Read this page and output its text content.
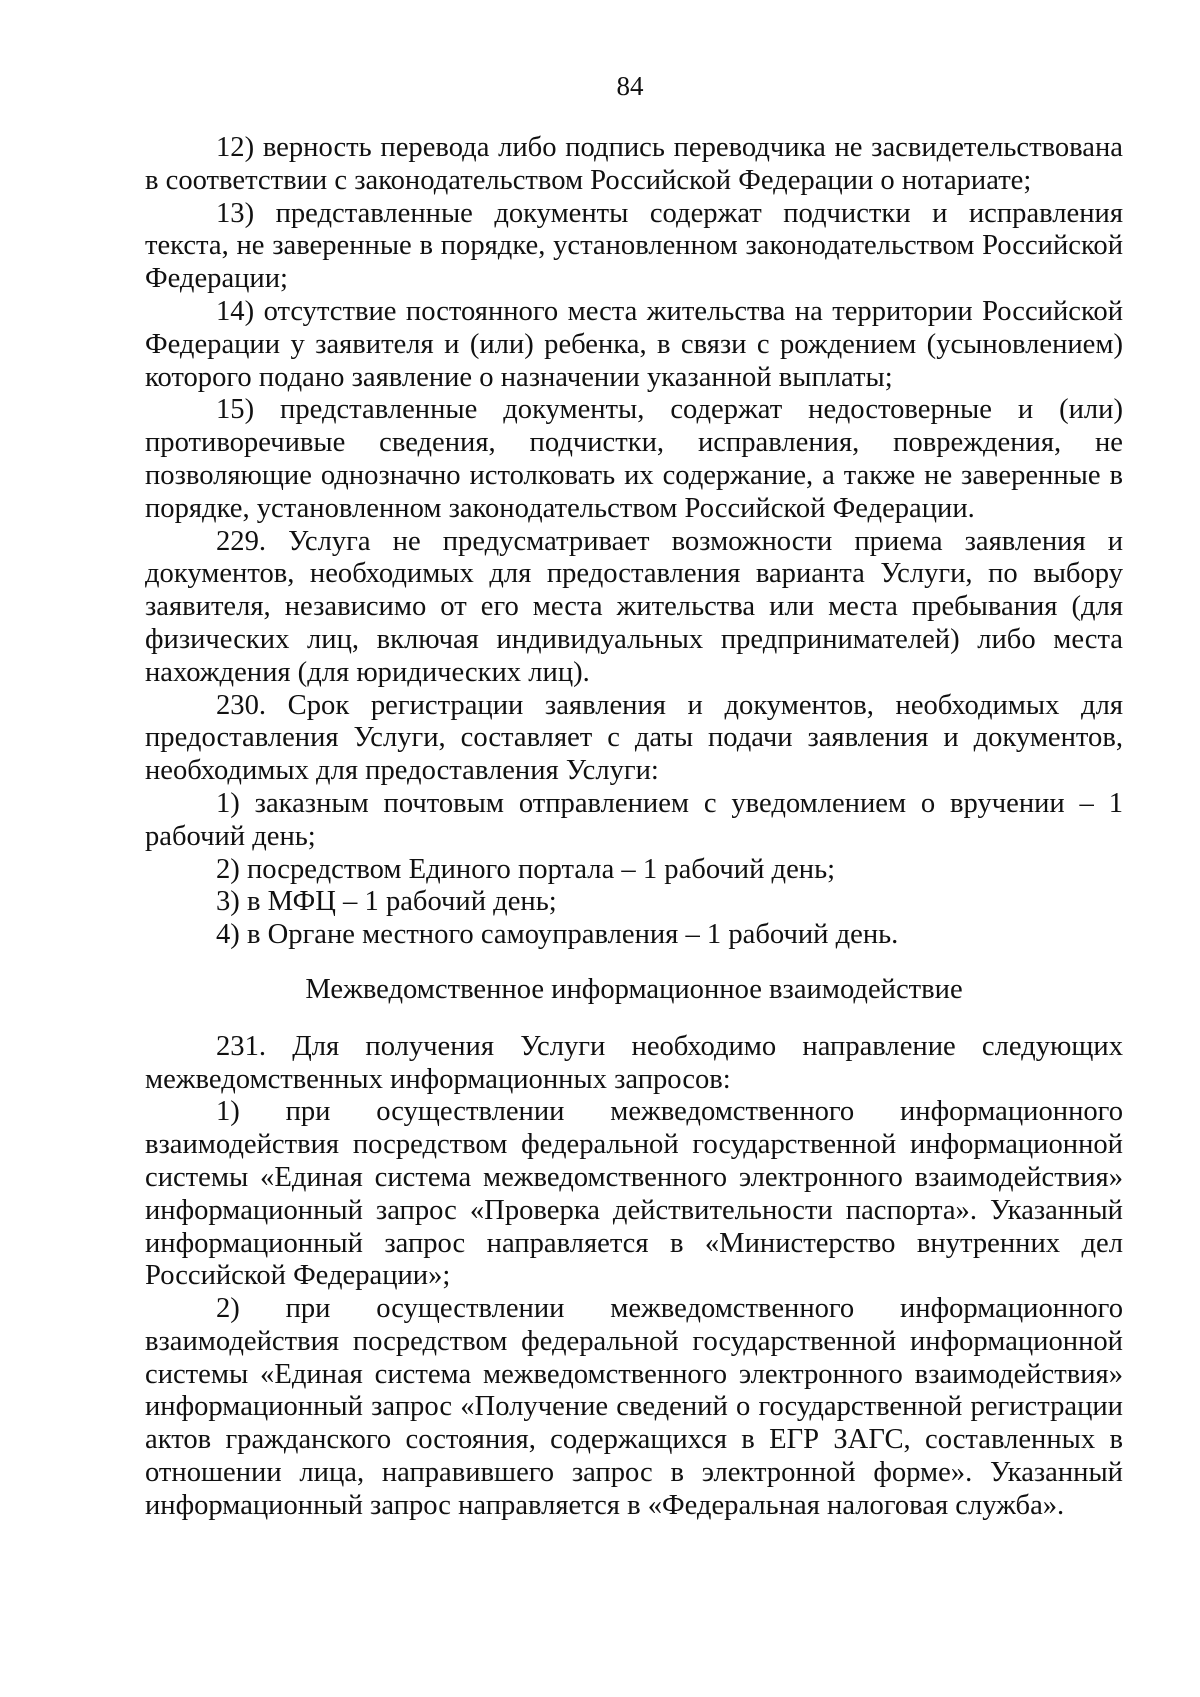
84

12) верность перевода либо подпись переводчика не засвидетельствована в соответствии с законодательством Российской Федерации о нотариате;

13) представленные документы содержат подчистки и исправления текста, не заверенные в порядке, установленном законодательством Российской Федерации;

14) отсутствие постоянного места жительства на территории Российской Федерации у заявителя и (или) ребенка, в связи с рождением (усыновлением) которого подано заявление о назначении указанной выплаты;

15) представленные документы, содержат недостоверные и (или) противоречивые сведения, подчистки, исправления, повреждения, не позволяющие однозначно истолковать их содержание, а также не заверенные в порядке, установленном законодательством Российской Федерации.

229. Услуга не предусматривает возможности приема заявления и документов, необходимых для предоставления варианта Услуги, по выбору заявителя, независимо от его места жительства или места пребывания (для физических лиц, включая индивидуальных предпринимателей) либо места нахождения (для юридических лиц).

230. Срок регистрации заявления и документов, необходимых для предоставления Услуги, составляет с даты подачи заявления и документов, необходимых для предоставления Услуги:

1) заказным почтовым отправлением с уведомлением о вручении – 1 рабочий день;

2) посредством Единого портала – 1 рабочий день;

3) в МФЦ – 1 рабочий день;

4) в Органе местного самоуправления – 1 рабочий день.

Межведомственное информационное взаимодействие

231. Для получения Услуги необходимо направление следующих межведомственных информационных запросов:

1) при осуществлении межведомственного информационного взаимодействия посредством федеральной государственной информационной системы «Единая система межведомственного электронного взаимодействия» информационный запрос «Проверка действительности паспорта». Указанный информационный запрос направляется в «Министерство внутренних дел Российской Федерации»;

2) при осуществлении межведомственного информационного взаимодействия посредством федеральной государственной информационной системы «Единая система межведомственного электронного взаимодействия» информационный запрос «Получение сведений о государственной регистрации актов гражданского состояния, содержащихся в ЕГР ЗАГС, составленных в отношении лица, направившего запрос в электронной форме». Указанный информационный запрос направляется в «Федеральная налоговая служба».
